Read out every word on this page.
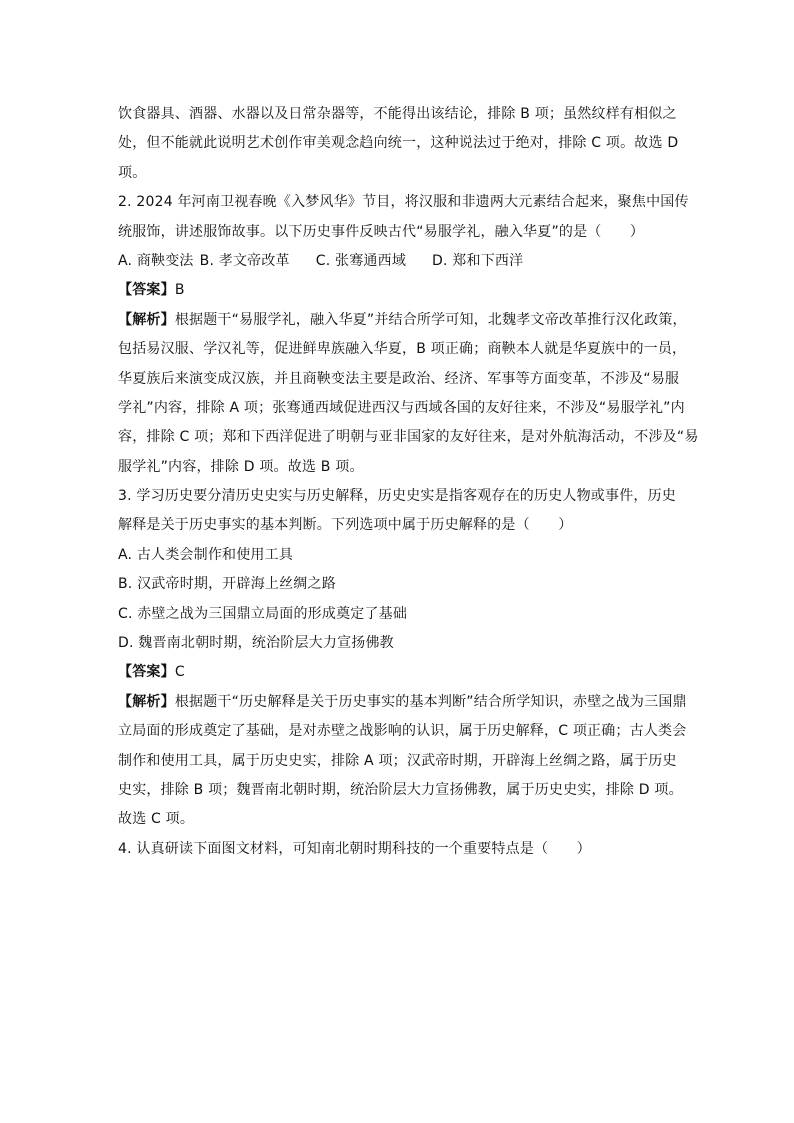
饮食器具、酒器、水器以及日常杂器等，不能得出该结论，排除 B 项；虽然纹样有相似之
处，但不能就此说明艺术创作审美观念趋向统一，这种说法过于绝对，排除 C 项。故选 D
项。
2. 2024 年河南卫视春晚《入梦风华》节目，将汉服和非遗两大元素结合起来，聚焦中国传
统服饰，讲述服饰故事。以下历史事件反映古代“易服学礼，融入华夏”的是（　　）
A. 商鞅变法 B. 孝文帝改革 C. 张骞通西域 D. 郑和下西洋
【答案】B
【解析】根据题干“易服学礼，融入华夏”并结合所学可知，北魏孝文帝改革推行汉化政策，
包括易汉服、学汉礼等，促进鲜卑族融入华夏，B 项正确；商鞅本人就是华夏族中的一员，
华夏族后来演变成汉族，并且商鞅变法主要是政治、经济、军事等方面变革，不涉及“易服
学礼”内容，排除 A 项；张骞通西域促进西汉与西域各国的友好往来，不涉及“易服学礼”内
容，排除 C 项；郑和下西洋促进了明朝与亚非国家的友好往来，是对外航海活动，不涉及“易
服学礼”内容，排除 D 项。故选 B 项。
3. 学习历史要分清历史史实与历史解释，历史史实是指客观存在的历史人物或事件，历史
解释是关于历史事实的基本判断。下列选项中属于历史解释的是（　　）
A. 古人类会制作和使用工具
B. 汉武帝时期，开辟海上丝绸之路
C. 赤壁之战为三国鼎立局面的形成奠定了基础
D. 魏晋南北朝时期，统治阶层大力宣扬佛教
【答案】C
【解析】根据题干“历史解释是关于历史事实的基本判断”结合所学知识，赤壁之战为三国鼎
立局面的形成奠定了基础，是对赤壁之战影响的认识，属于历史解释，C 项正确；古人类会
制作和使用工具，属于历史史实，排除 A 项；汉武帝时期，开辟海上丝绸之路，属于历史
史实，排除 B 项；魏晋南北朝时期，统治阶层大力宣扬佛教，属于历史史实，排除 D 项。
故选 C 项。
4. 认真研读下面图文材料，可知南北朝时期科技的一个重要特点是（　　）
